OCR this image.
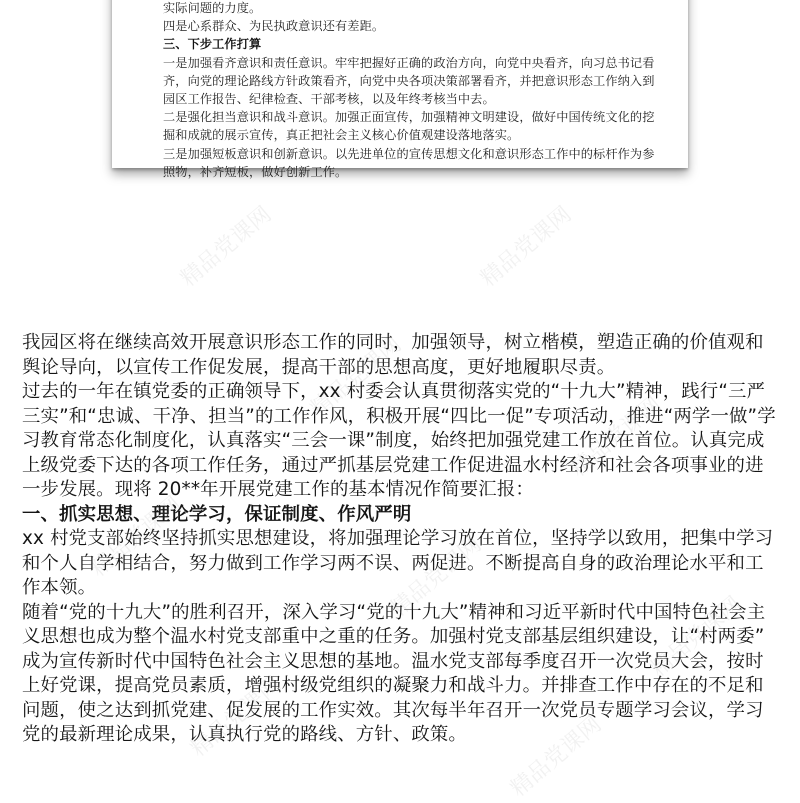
实际问题的力度。
四是心系群众、为民执政意识还有差距。
三、下步工作打算
一是加强看齐意识和责任意识。牢牢把握好正确的政治方向，向党中央看齐，向习总书记看
齐，向党的理论路线方针政策看齐，向党中央各项决策部署看齐，并把意识形态工作纳入到
园区工作报告、纪律检查、干部考核，以及年终考核当中去。
二是强化担当意识和战斗意识。加强正面宣传，加强精神文明建设，做好中国传统文化的挖
掘和成就的展示宣传，真正把社会主义核心价值观建设落地落实。
三是加强短板意识和创新意识。以先进单位的宣传思想文化和意识形态工作中的标杆作为参
照物，补齐短板，做好创新工作。
我园区将在继续高效开展意识形态工作的同时，加强领导，树立楷模，塑造正确的价值观和
舆论导向，以宣传工作促发展，提高干部的思想高度，更好地履职尽责。
过去的一年在镇党委的正确领导下，xx 村委会认真贯彻落实党的“十九大”精神，践行“三严
三实”和“忠诚、干净、担当”的工作作风，积极开展“四比一促”专项活动，推进“两学一做”学
习教育常态化制度化，认真落实“三会一课”制度，始终把加强党建工作放在首位。认真完成
上级党委下达的各项工作任务，通过严抓基层党建工作促进温水村经济和社会各项事业的进
一步发展。现将 20**年开展党建工作的基本情况作简要汇报：
一、抓实思想、理论学习，保证制度、作风严明
xx 村党支部始终坚持抓实思想建设，将加强理论学习放在首位，坚持学以致用，把集中学习
和个人自学相结合，努力做到工作学习两不误、两促进。不断提高自身的政治理论水平和工
作本领。
随着“党的十九大”的胜利召开，深入学习“党的十九大”精神和习近平新时代中国特色社会主
义思想也成为整个温水村党支部重中之重的任务。加强村党支部基层组织建设，让“村两委”
成为宣传新时代中国特色社会主义思想的基地。温水党支部每季度召开一次党员大会，按时
上好党课，提高党员素质，增强村级党组织的凝聚力和战斗力。并排查工作中存在的不足和
问题，使之达到抓党建、促发展的工作实效。其次每半年召开一次党员专题学习会议，学习
党的最新理论成果，认真执行党的路线、方针、政策。
精品党课网	精品党课网
精品党课网
精品党课网
精品党课网	精品党课网
精品党课网
精品党课网	精品党课网
